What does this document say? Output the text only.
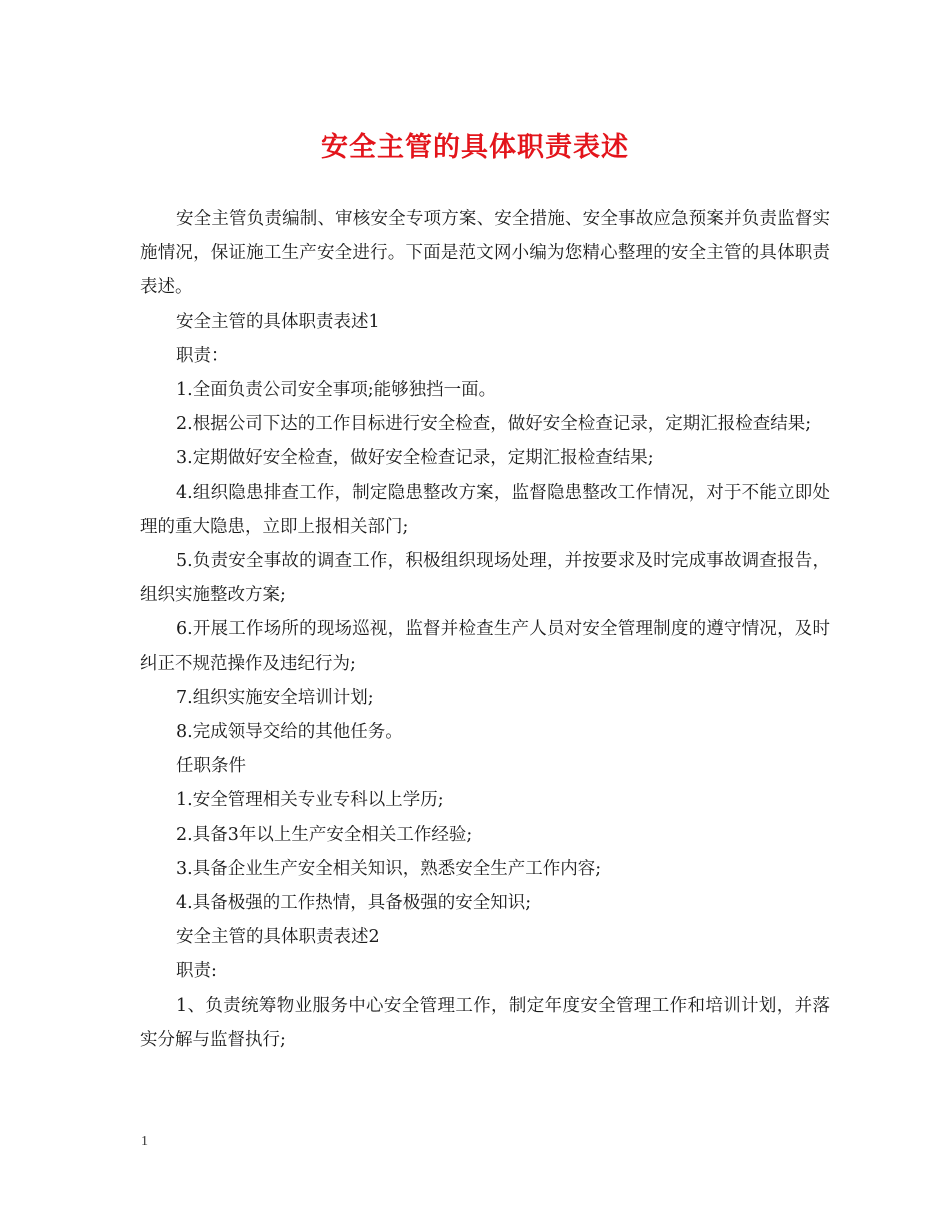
安全主管的具体职责表述

安全主管负责编制、审核安全专项方案、安全措施、安全事故应急预案并负责监督实施情况，保证施工生产安全进行。下面是范文网小编为您精心整理的安全主管的具体职责表述。

安全主管的具体职责表述1

职责：

1.全面负责公司安全事项;能够独挡一面。

2.根据公司下达的工作目标进行安全检查，做好安全检查记录，定期汇报检查结果;

3.定期做好安全检查，做好安全检查记录，定期汇报检查结果;

4.组织隐患排查工作，制定隐患整改方案，监督隐患整改工作情况，对于不能立即处理的重大隐患，立即上报相关部门;

5.负责安全事故的调查工作，积极组织现场处理，并按要求及时完成事故调查报告，组织实施整改方案;

6.开展工作场所的现场巡视，监督并检查生产人员对安全管理制度的遵守情况，及时纠正不规范操作及违纪行为;

7.组织实施安全培训计划;

8.完成领导交给的其他任务。

任职条件

1.安全管理相关专业专科以上学历;

2.具备3年以上生产安全相关工作经验;

3.具备企业生产安全相关知识，熟悉安全生产工作内容;

4.具备极强的工作热情，具备极强的安全知识;

安全主管的具体职责表述2

职责:

1、负责统筹物业服务中心安全管理工作，制定年度安全管理工作和培训计划，并落实分解与监督执行;

1
